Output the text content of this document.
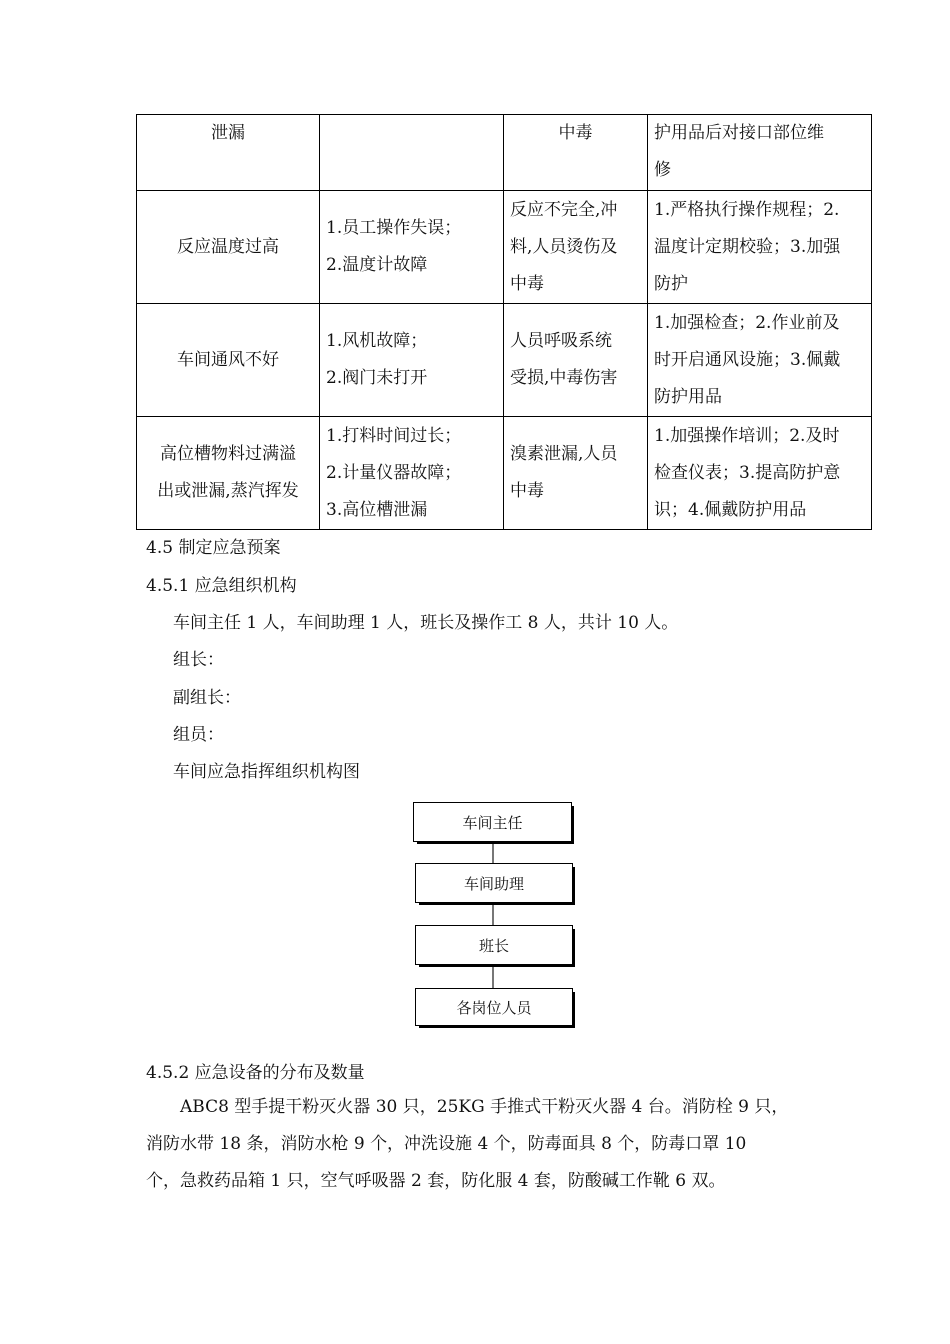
泄漏		中毒	护用品后对接口部位维
修

反应温度过高	1.员工操作失误；
2.温度计故障	反应不完全,冲
料,人员烫伤及
中毒	1.严格执行操作规程；2.
温度计定期校验；3.加强
防护

车间通风不好	1.风机故障；
2.阀门未打开	人员呼吸系统
受损,中毒伤害	1.加强检查；2.作业前及
时开启通风设施；3.佩戴
防护用品

高位槽物料过满溢
出或泄漏,蒸汽挥发	1.打料时间过长；
2.计量仪器故障；
3.高位槽泄漏	溴素泄漏,人员
中毒	1.加强操作培训；2.及时
检查仪表；3.提高防护意
识；4.佩戴防护用品
4.5 制定应急预案
4.5.1 应急组织机构
车间主任 1 人，车间助理 1 人，班长及操作工 8 人，共计 10 人。
组长：
副组长：
组员：
车间应急指挥组织机构图
车间主任
车间助理
班长
各岗位人员
4.5.2 应急设备的分布及数量
ABC8 型手提干粉灭火器 30 只，25KG 手推式干粉灭火器 4 台。消防栓 9 只，
消防水带 18 条，消防水枪 9 个，冲洗设施 4 个，防毒面具 8 个，防毒口罩 10
个，急救药品箱 1 只，空气呼吸器 2 套，防化服 4 套，防酸碱工作靴 6 双。
